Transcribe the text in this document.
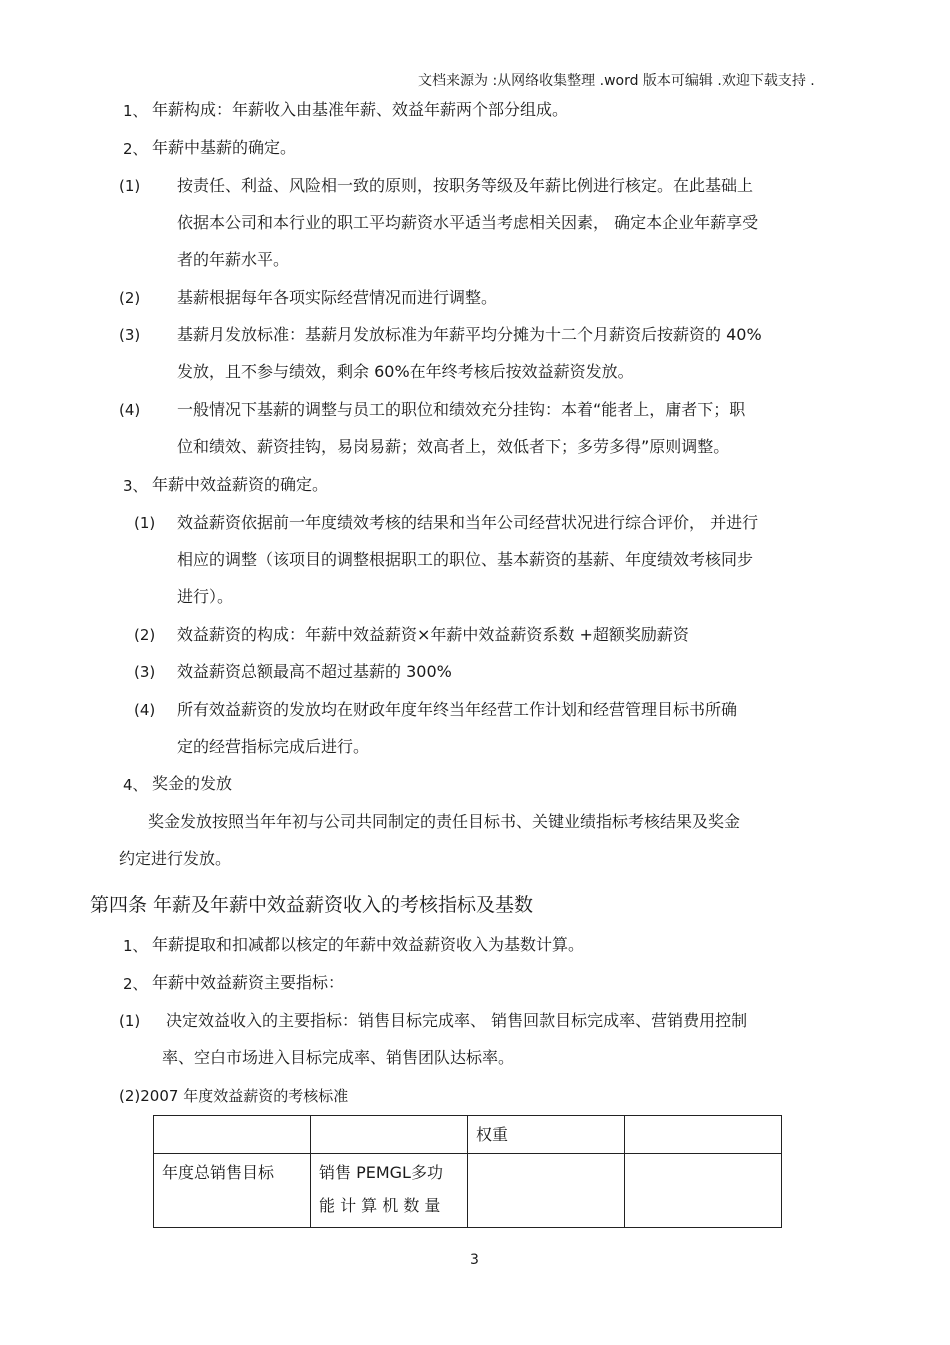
文档来源为 :从网络收集整理 .word 版本可编辑 .欢迎下载支持 .
1、 年薪构成：年薪收入由基准年薪、效益年薪两个部分组成。
2、 年薪中基薪的确定。
(1) 按责任、利益、风险相一致的原则，按职务等级及年薪比例进行核定。在此基础上
依据本公司和本行业的职工平均薪资水平适当考虑相关因素， 确定本企业年薪享受
者的年薪水平。
(2) 基薪根据每年各项实际经营情况而进行调整。
(3) 基薪月发放标准：基薪月发放标准为年薪平均分摊为十二个月薪资后按薪资的 40%
发放，且不参与绩效，剩余 60%在年终考核后按效益薪资发放。
(4) 一般情况下基薪的调整与员工的职位和绩效充分挂钩：本着“能者上，庸者下；职
位和绩效、薪资挂钩，易岗易薪；效高者上，效低者下；多劳多得”原则调整。
3、 年薪中效益薪资的确定。
(1) 效益薪资依据前一年度绩效考核的结果和当年公司经营状况进行综合评价， 并进行
相应的调整（该项目的调整根据职工的职位、基本薪资的基薪、年度绩效考核同步
进行）。
(2) 效益薪资的构成：年薪中效益薪资×年薪中效益薪资系数 +超额奖励薪资
(3) 效益薪资总额最高不超过基薪的 300%
(4) 所有效益薪资的发放均在财政年度年终当年经营工作计划和经营管理目标书所确
定的经营指标完成后进行。
4、 奖金的发放
奖金发放按照当年年初与公司共同制定的责任目标书、关键业绩指标考核结果及奖金
约定进行发放。
第四条 年薪及年薪中效益薪资收入的考核指标及基数
1、 年薪提取和扣减都以核定的年薪中效益薪资收入为基数计算。
2、 年薪中效益薪资主要指标：
(1) 决定效益收入的主要指标：销售目标完成率、 销售回款目标完成率、营销费用控制
率、空白市场进入目标完成率、销售团队达标率。
(2)2007 年度效益薪资的考核标准
		权重	
年度总销售目标	销售 PEMGL多功
能 计 算 机 数 量		

3
